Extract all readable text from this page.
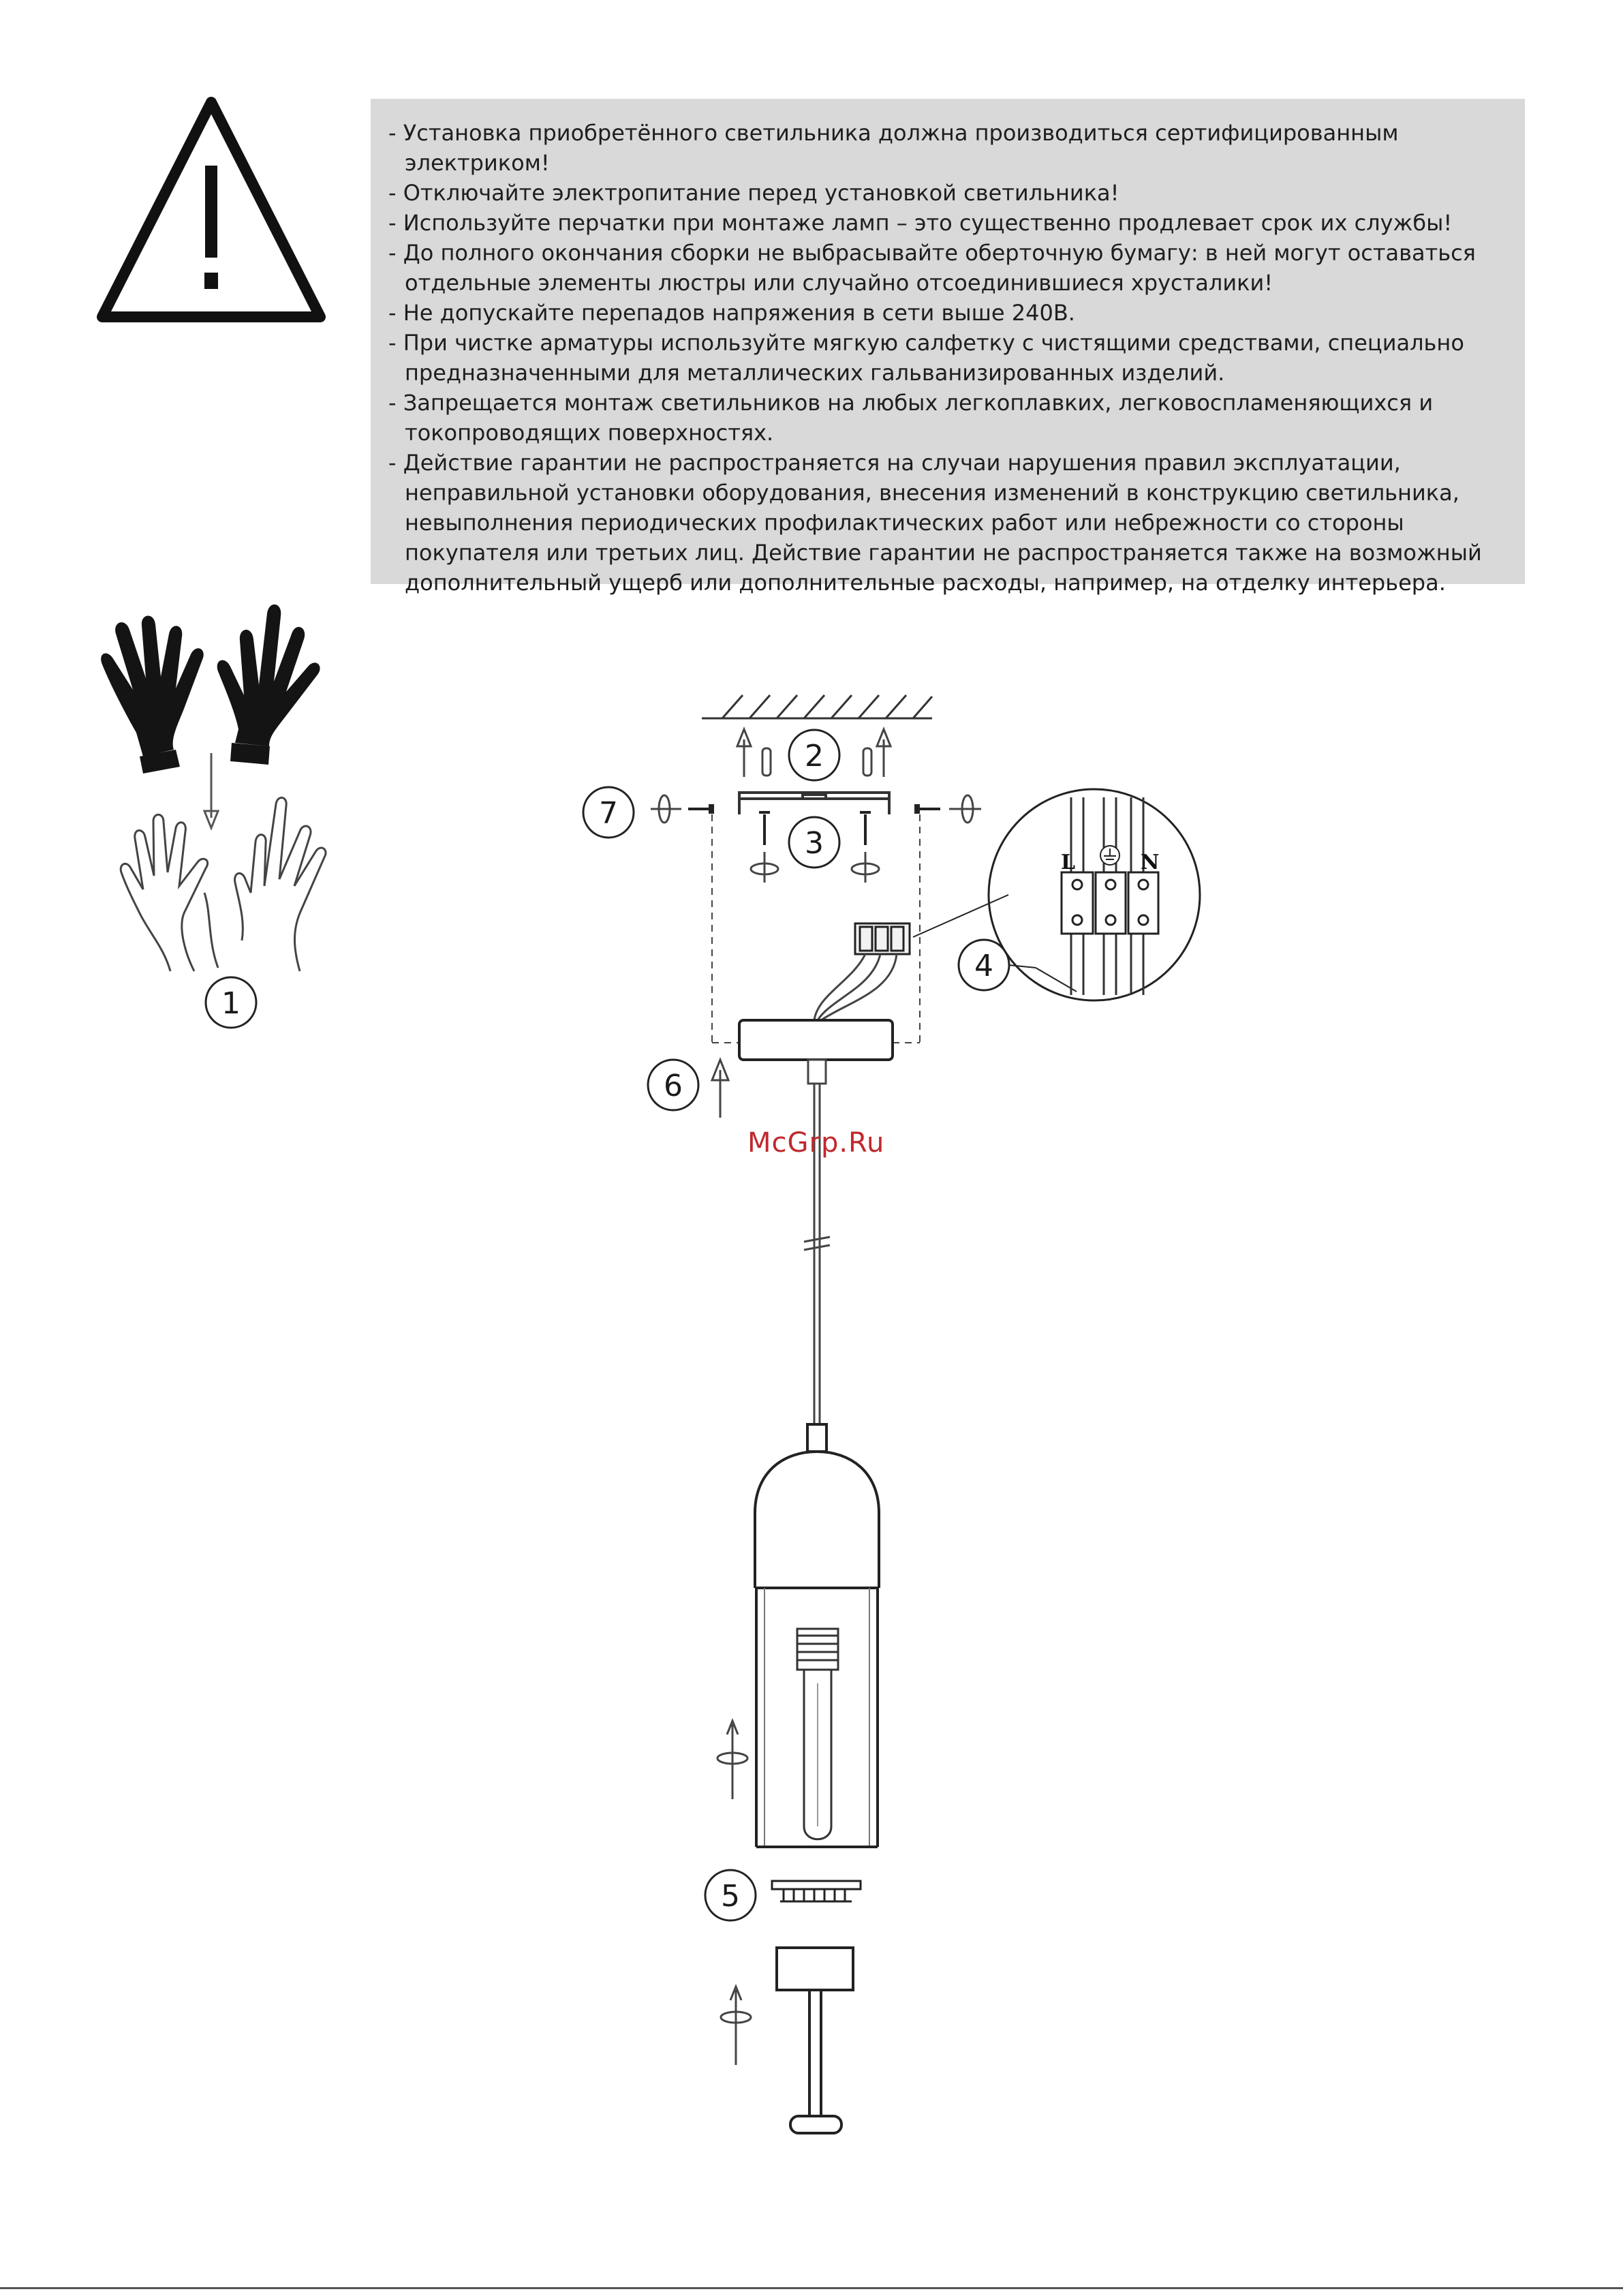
- Установка приобретённого светильника должна производиться сертифицированным электриком!
- Отключайте электропитание перед установкой светильника!
- Используйте перчатки при монтаже ламп – это существенно продлевает срок их службы!
- До полного окончания сборки не выбрасывайте оберточную бумагу: в ней могут оставаться отдельные элементы люстры или случайно отсоединившиеся хрусталики!
- Не допускайте перепадов напряжения в сети выше 240В.
- При чистке арматуры используйте мягкую салфетку с чистящими средствами, специально предназначенными для металлических гальванизированных изделий.
- Запрещается монтаж светильников на любых легкоплавких, легковоспламеняющихся и токопроводящих поверхностях.
- Действие гарантии не распространяется на случаи нарушения правил эксплуатации, неправильной установки оборудования, внесения изменений в конструкцию светильника, невыполнения периодических профилактических работ или небрежности со стороны покупателя или третьих лиц. Действие гарантии не распространяется также на возможный дополнительный ущерб или дополнительные расходы, например, на отделку интерьера.
1
2
3
4
5
6
7
L	N
McGrp.Ru
